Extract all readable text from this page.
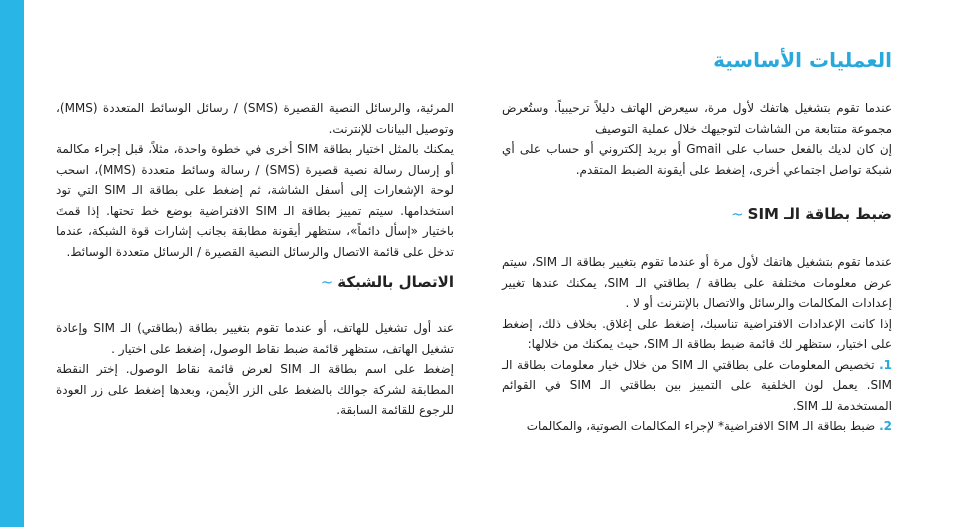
العمليات الأساسية

عندما تقوم بتشغيل هاتفك لأول مرة، سيعرض الهاتف دليلاً ترحيبياً. وستُعرض مجموعة متتابعة من الشاشات لتوجيهك خلال عملية التوصيف

إن كان لديك بالفعل حساب على Gmail أو بريد إلكتروني أو حساب على أي شبكة تواصل اجتماعي أخرى، إضغط على أيقونة الضبط المتقدم.

ضبط بطاقة الـ SIM~

عندما تقوم بتشغيل هاتفك لأول مرة أو عندما تقوم بتغيير بطاقة الـ SIM، سيتم عرض معلومات مختلفة على بطاقة / بطاقتي الـ SIM، يمكنك عندها تغيير إعدادات المكالمات والرسائل والاتصال بالإنترنت أو لا .

إذا كانت الإعدادات الافتراضية تناسبك، إضغط على إغلاق. بخلاف ذلك، إضغط على اختيار، ستظهر لك قائمة ضبط بطاقة الـ SIM، حيث يمكنك من خلالها:

1. تخصيص المعلومات على بطاقتي الـ SIM من خلال خيار معلومات بطاقة الـ SIM. يعمل لون الخلفية على التمييز بين بطاقتي الـ SIM في القوائم المستخدمة للـ SIM.

2. ضبط بطاقة الـ SIM الافتراضية* لإجراء المكالمات الصوتية، والمكالمات

المرئية، والرسائل النصية القصيرة (SMS) / رسائل الوسائط المتعددة (MMS)، وتوصيل البيانات للإنترنت.

يمكنك بالمثل اختيار بطاقة SIM أخرى في خطوة واحدة، مثلاً، قبل إجراء مكالمة أو إرسال رسالة نصية قصيرة (SMS) / رسالة وسائط متعددة (MMS)، اسحب لوحة الإشعارات إلى أسفل الشاشة، ثم إضغط على بطاقة الـ SIM التي تود استخدامها. سيتم تمييز بطاقة الـ SIM الافتراضية بوضع خط تحتها. إذا قمتَ باختيار «إسأل دائماً»، ستظهر أيقونة مطابقة بجانب إشارات قوة الشبكة، عندما تدخل على قائمة الاتصال والرسائل النصية القصيرة / الرسائل متعددة الوسائط.

الاتصال بالشبكة~

عند أول تشغيل للهاتف، أو عندما تقوم بتغيير بطاقة (بطاقتي) الـ SIM وإعادة تشغيل الهاتف، ستظهر قائمة ضبط نقاط الوصول، إضغط على اختيار .

إضغط على اسم بطاقة الـ SIM لعرض قائمة نقاط الوصول. إختر النقطة المطابقة لشركة جوالك بالضغط على الزر الأيمن، وبعدها إضغط على زر العودة للرجوع للقائمة السابقة.
